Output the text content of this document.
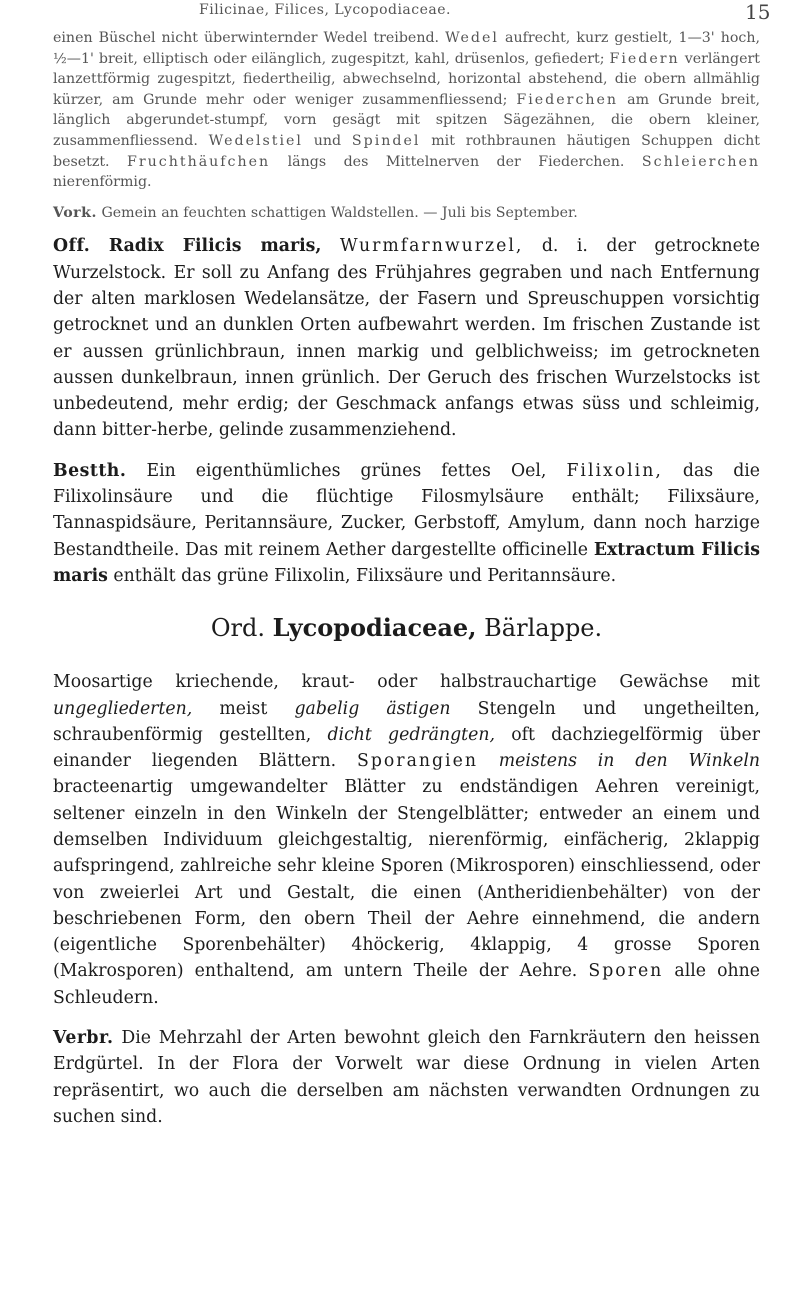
Filicinae, Filices, Lycopodiaceae.	15

einen Büschel nicht überwinternder Wedel treibend. Wedel aufrecht, kurz gestielt, 1—3' hoch, ½—1' breit, elliptisch oder eilänglich, zugespitzt, kahl, drüsenlos, gefiedert; Fiedern verlängert lanzettförmig zugespitzt, fiedertheilig, abwechselnd, horizontal abstehend, die obern allmählig kürzer, am Grunde mehr oder weniger zusammenfliessend; Fiederchen am Grunde breit, länglich abgerundet-stumpf, vorn gesägt mit spitzen Sägezähnen, die obern kleiner, zusammenfliessend. Wedelstiel und Spindel mit rothbraunen häutigen Schuppen dicht besetzt. Fruchthäufchen längs des Mittelnerven der Fiederchen. Schleierchen nierenförmig.

Vork. Gemein an feuchten schattigen Waldstellen. — Juli bis September.

Off. Radix Filicis maris, Wurmfarnwurzel, d. i. der getrocknete Wurzelstock. Er soll zu Anfang des Frühjahres gegraben und nach Entfernung der alten marklosen Wedelansätze, der Fasern und Spreuschuppen vorsichtig getrocknet und an dunklen Orten aufbewahrt werden. Im frischen Zustande ist er aussen grünlichbraun, innen markig und gelblichweiss; im getrockneten aussen dunkelbraun, innen grünlich. Der Geruch des frischen Wurzelstocks ist unbedeutend, mehr erdig; der Geschmack anfangs etwas süss und schleimig, dann bitter-herbe, gelinde zusammenziehend.

Bestth. Ein eigenthümliches grünes fettes Oel, Filixolin, das die Filixolinsäure und die flüchtige Filosmylsäure enthält; Filixsäure, Tannaspidsäure, Peritannsäure, Zucker, Gerbstoff, Amylum, dann noch harzige Bestandtheile. Das mit reinem Aether dargestellte officinelle Extractum Filicis maris enthält das grüne Filixolin, Filixsäure und Peritannsäure.

Ord. Lycopodiaceae, Bärlappe.

Moosartige kriechende, kraut- oder halbstrauchartige Gewächse mit ungegliederten, meist gabelig ästigen Stengeln und ungetheilten, schraubenförmig gestellten, dicht gedrängten, oft dachziegelförmig über einander liegenden Blättern. Sporangien meistens in den Winkeln bracteenartig umgewandelter Blätter zu endständigen Aehren vereinigt, seltener einzeln in den Winkeln der Stengelblätter; entweder an einem und demselben Individuum gleichgestaltig, nierenförmig, einfächerig, 2klappig aufspringend, zahlreiche sehr kleine Sporen (Mikrosporen) einschliessend, oder von zweierlei Art und Gestalt, die einen (Antheridienbehälter) von der beschriebenen Form, den obern Theil der Aehre einnehmend, die andern (eigentliche Sporenbehälter) 4höckerig, 4klappig, 4 grosse Sporen (Makrosporen) enthaltend, am untern Theile der Aehre. Sporen alle ohne Schleudern.

Verbr. Die Mehrzahl der Arten bewohnt gleich den Farnkräutern den heissen Erdgürtel. In der Flora der Vorwelt war diese Ordnung in vielen Arten repräsentirt, wo auch die derselben am nächsten verwandten Ordnungen zu suchen sind.
